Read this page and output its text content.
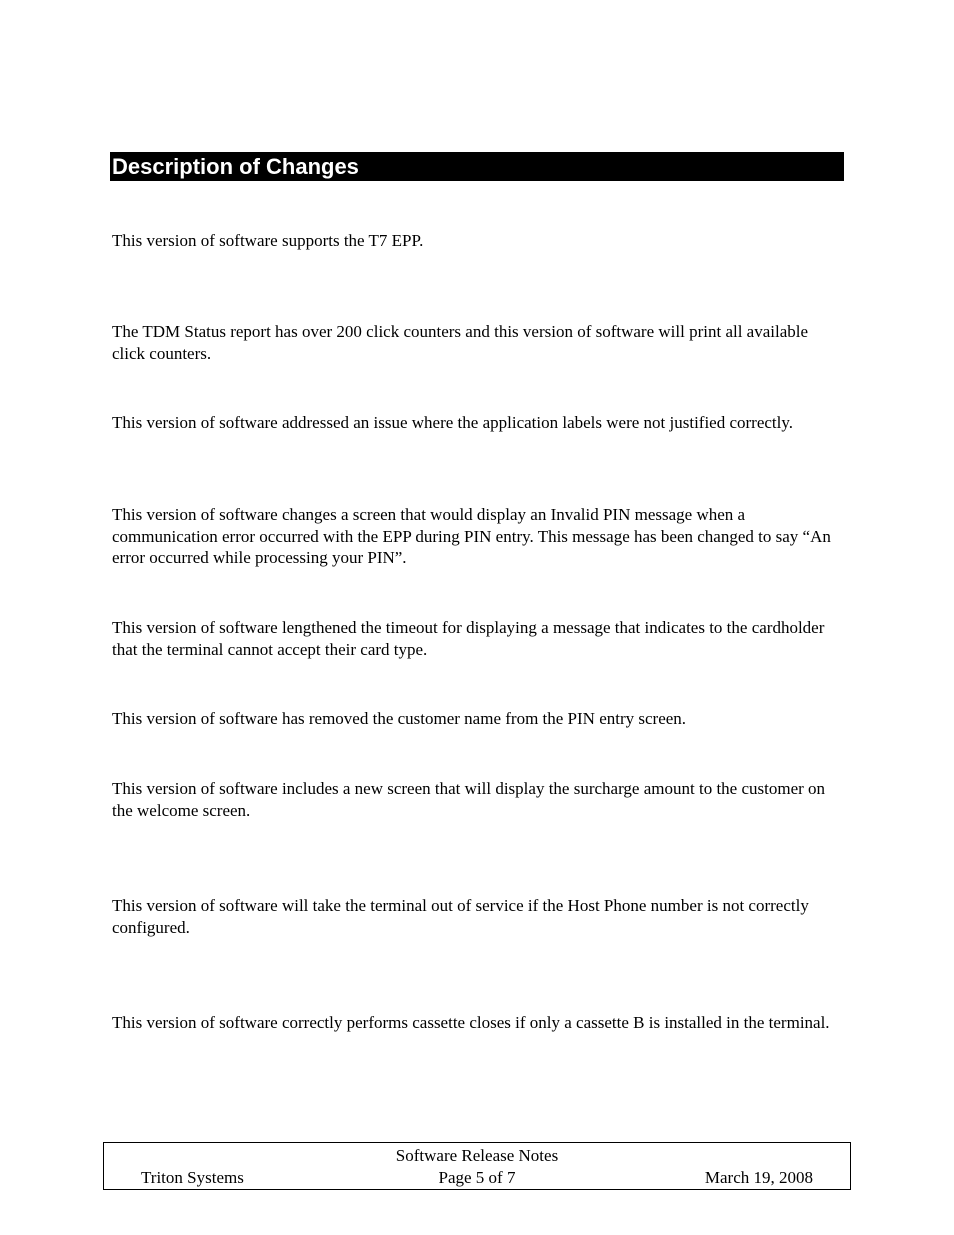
Description of Changes

This version of software supports the T7 EPP.

The TDM Status report has over 200 click counters and this version of software will print all available click counters.

This version of software addressed an issue where the application labels were not justified correctly.

This version of software changes a screen that would display an Invalid PIN message when a communication error occurred with the EPP during PIN entry. This message has been changed to say “An error occurred while processing your PIN”.

This version of software lengthened the timeout for displaying a message that indicates to the cardholder that the terminal cannot accept their card type.

This version of software has removed the customer name from the PIN entry screen.

This version of software includes a new screen that will display the surcharge amount to the customer on the welcome screen.

This version of software will take the terminal out of service if the Host Phone number is not correctly configured.

This version of software correctly performs cassette closes if only a cassette B is installed in the terminal.

Software Release Notes
Triton Systems	Page 5 of 7	March 19, 2008
